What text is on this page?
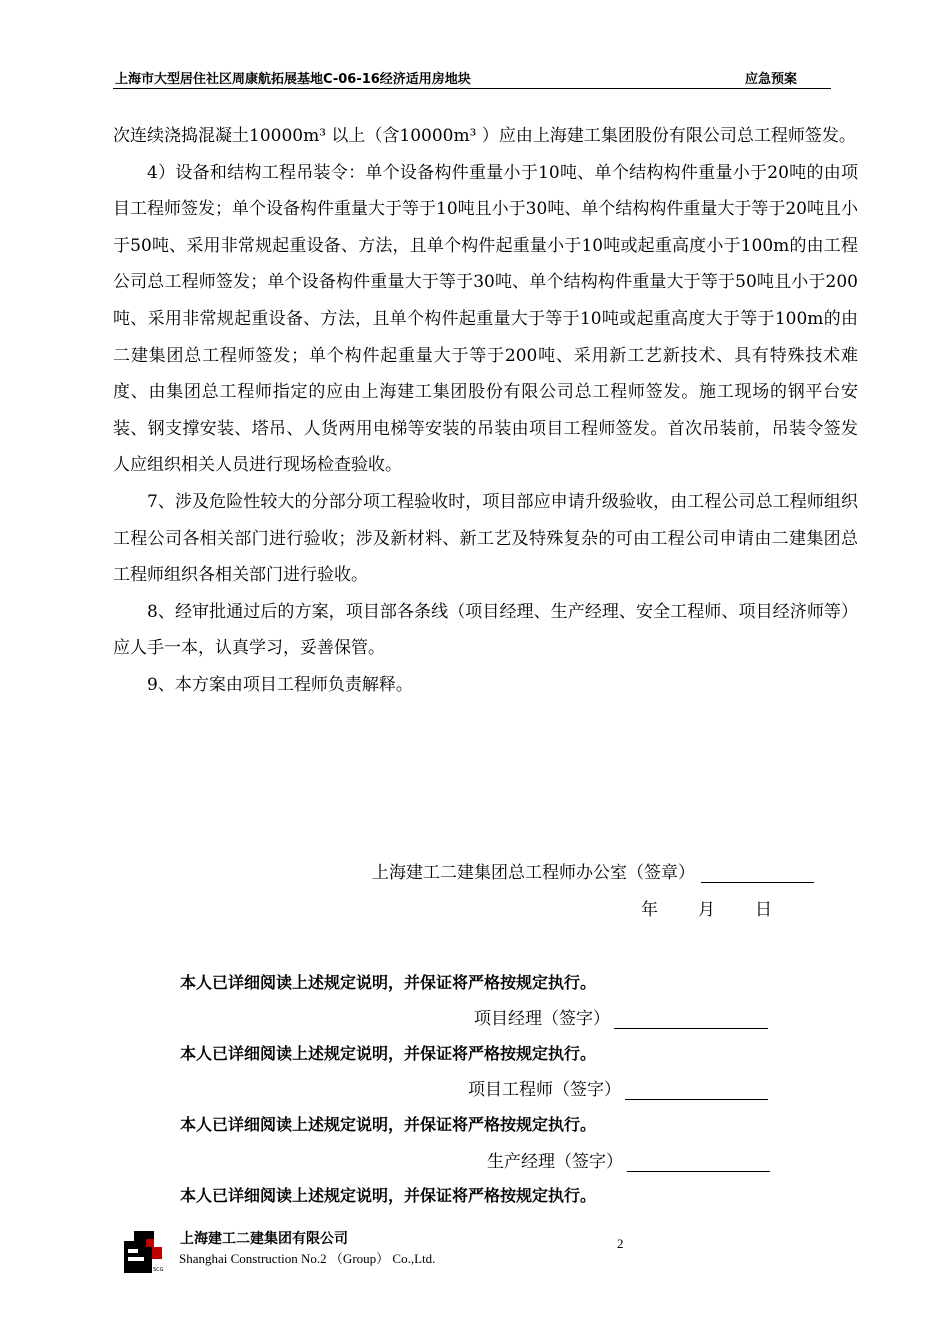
上海市大型居住社区周康航拓展基地C-06-16经济适用房地块	应急预案

次连续浇捣混凝土10000m³ 以上（含10000m³ ）应由上海建工集团股份有限公司总工程师签发。

4）设备和结构工程吊装令：单个设备构件重量小于10吨、单个结构构件重量小于20吨的由项目工程师签发；单个设备构件重量大于等于10吨且小于30吨、单个结构构件重量大于等于20吨且小于50吨、采用非常规起重设备、方法，且单个构件起重量小于10吨或起重高度小于100m的由工程公司总工程师签发；单个设备构件重量大于等于30吨、单个结构构件重量大于等于50吨且小于200吨、采用非常规起重设备、方法，且单个构件起重量大于等于10吨或起重高度大于等于100m的由二建集团总工程师签发；单个构件起重量大于等于200吨、采用新工艺新技术、具有特殊技术难度、由集团总工程师指定的应由上海建工集团股份有限公司总工程师签发。施工现场的钢平台安装、钢支撑安装、塔吊、人货两用电梯等安装的吊装由项目工程师签发。首次吊装前，吊装令签发人应组织相关人员进行现场检查验收。

7、涉及危险性较大的分部分项工程验收时，项目部应申请升级验收，由工程公司总工程师组织工程公司各相关部门进行验收；涉及新材料、新工艺及特殊复杂的可由工程公司申请由二建集团总工程师组织各相关部门进行验收。

8、经审批通过后的方案，项目部各条线（项目经理、生产经理、安全工程师、项目经济师等）应人手一本，认真学习，妥善保管。

9、本方案由项目工程师负责解释。

上海建工二建集团总工程师办公室（签章）
年 月 日
本人已详细阅读上述规定说明，并保证将严格按规定执行。
项目经理（签字）
本人已详细阅读上述规定说明，并保证将严格按规定执行。
项目工程师（签字）
本人已详细阅读上述规定说明，并保证将严格按规定执行。
生产经理（签字）
本人已详细阅读上述规定说明，并保证将严格按规定执行。
SCG
上海建工二建集团有限公司
Shanghai Construction No.2 （Group） Co.,Ltd.
2
